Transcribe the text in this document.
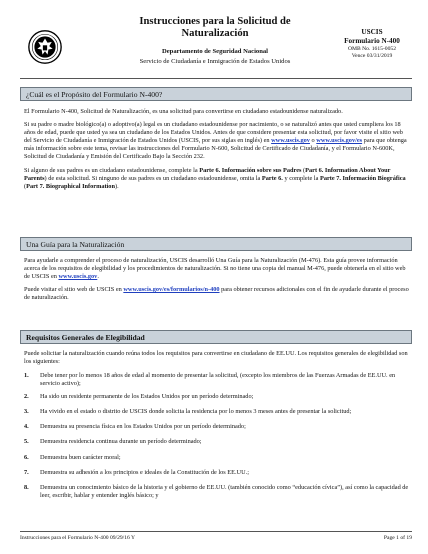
Instrucciones para la Solicitud de
Naturalización
Departamento de Seguridad Nacional
Servicio de Ciudadanía e Inmigración de Estados Unidos
USCIS
Formulario N-400
OMB No. 1615-0052
Vence 03/31/2019
¿Cuál es el Propósito del Formulario N-400?

El Formulario N-400, Solicitud de Naturalización, es una solicitud para convertirse en ciudadano estadounidense naturalizado.

Si su padre o madre biológico(a) o adoptivo(a) legal es un ciudadano estadounidense por nacimiento, o se naturalizó antes que usted cumpliera los 18 años de edad, puede que usted ya sea un ciudadano de los Estados Unidos. Antes de que considere presentar esta solicitud, por favor visite el sitio web del Servicio de Ciudadanía e Inmigración de Estados Unidos (USCIS, por sus siglas en inglés) en www.uscis.gov o www.uscis.gov/es para que obtenga más información sobre este tema, revisar las instrucciones del Formulario N-600, Solicitud de Certificado de Ciudadanía, y el Formulario N-600K, Solicitud de Ciudadanía y Emisión del Certificado Bajo la Sección 232.

Si alguno de sus padres es un ciudadano estadounidense, complete la Parte 6. Información sobre sus Padres (Part 6. Information About Your Parents) de esta solicitud. Si ninguno de sus padres es un ciudadano estadounidense, omita la Parte 6. y complete la Parte 7. Información Biográfica (Part 7. Biographical Information).

Una Guía para la Naturalización

Para ayudarle a comprender el proceso de naturalización, USCIS desarrolló Una Guía para la Naturalización (M-476). Esta guía provee información acerca de los requisitos de elegibilidad y los procedimientos de naturalización. Si no tiene una copia del manual M-476, puede obtenerla en el sitio web de USCIS en www.uscis.gov.

Puede visitar el sitio web de USCIS en www.uscis.gov/es/formularios/n-400 para obtener recursos adicionales con el fin de ayudarle durante el proceso de naturalización.

Requisitos Generales de Elegibilidad
Puede solicitar la naturalización cuando reúna todos los requisitos para convertirse en ciudadano de EE.UU. Los requisitos generales de elegibilidad son los siguientes:
1. Debe tener por lo menos 18 años de edad al momento de presentar la solicitud, (excepto los miembros de las Fuerzas Armadas de EE.UU. en servicio activo);
2. Ha sido un residente permanente de los Estados Unidos por un período determinado;
3. Ha vivido en el estado o distrito de USCIS donde solicita la residencia por lo menos 3 meses antes de presentar la solicitud;
4. Demuestra su presencia física en los Estados Unidos por un período determinado;
5. Demuestra residencia continua durante un período determinado;
6. Demuestra buen carácter moral;
7. Demuestra su adhesión a los principios e ideales de la Constitución de los EE.UU.;
8. Demuestra un conocimiento básico de la historia y el gobierno de EE.UU. (también conocido como “educación cívica”), así como la capacidad de leer, escribir, hablar y entender inglés básico; y
Instrucciones para el Formulario N-400 09/29/16 Y	Page 1 of 19
